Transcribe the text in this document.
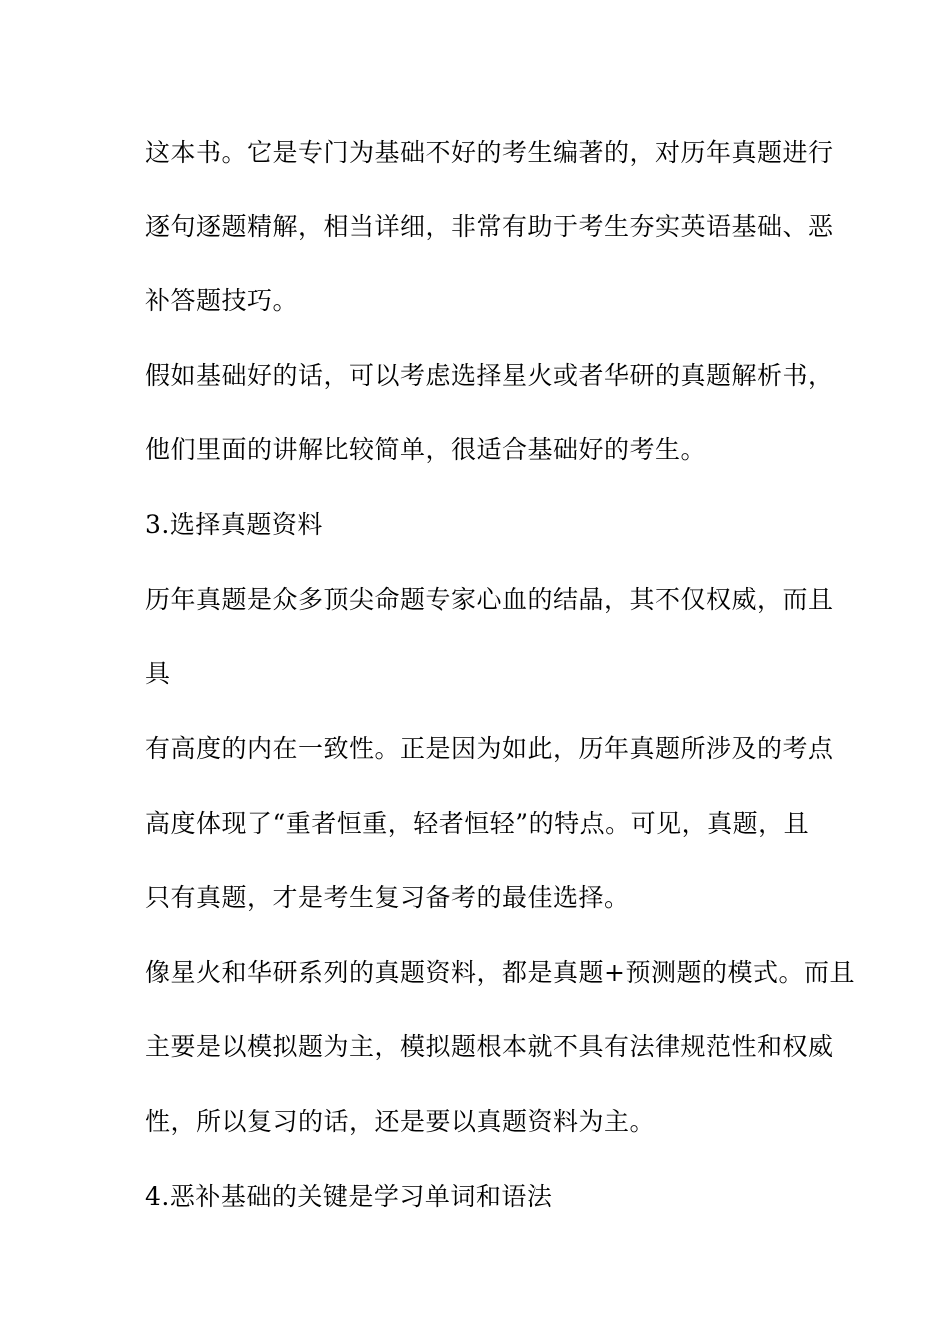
这本书。它是专门为基础不好的考生编著的，对历年真题进行
逐句逐题精解，相当详细，非常有助于考生夯实英语基础、恶
补答题技巧。
假如基础好的话，可以考虑选择星火或者华研的真题解析书，
他们里面的讲解比较简单，很适合基础好的考生。
3.选择真题资料
历年真题是众多顶尖命题专家心血的结晶，其不仅权威，而且
具
有高度的内在一致性。正是因为如此，历年真题所涉及的考点
高度体现了“重者恒重，轻者恒轻”的特点。可见，真题，且
只有真题，才是考生复习备考的最佳选择。
像星火和华研系列的真题资料，都是真题+预测题的模式。而且
主要是以模拟题为主，模拟题根本就不具有法律规范性和权威
性，所以复习的话，还是要以真题资料为主。
4.恶补基础的关键是学习单词和语法
